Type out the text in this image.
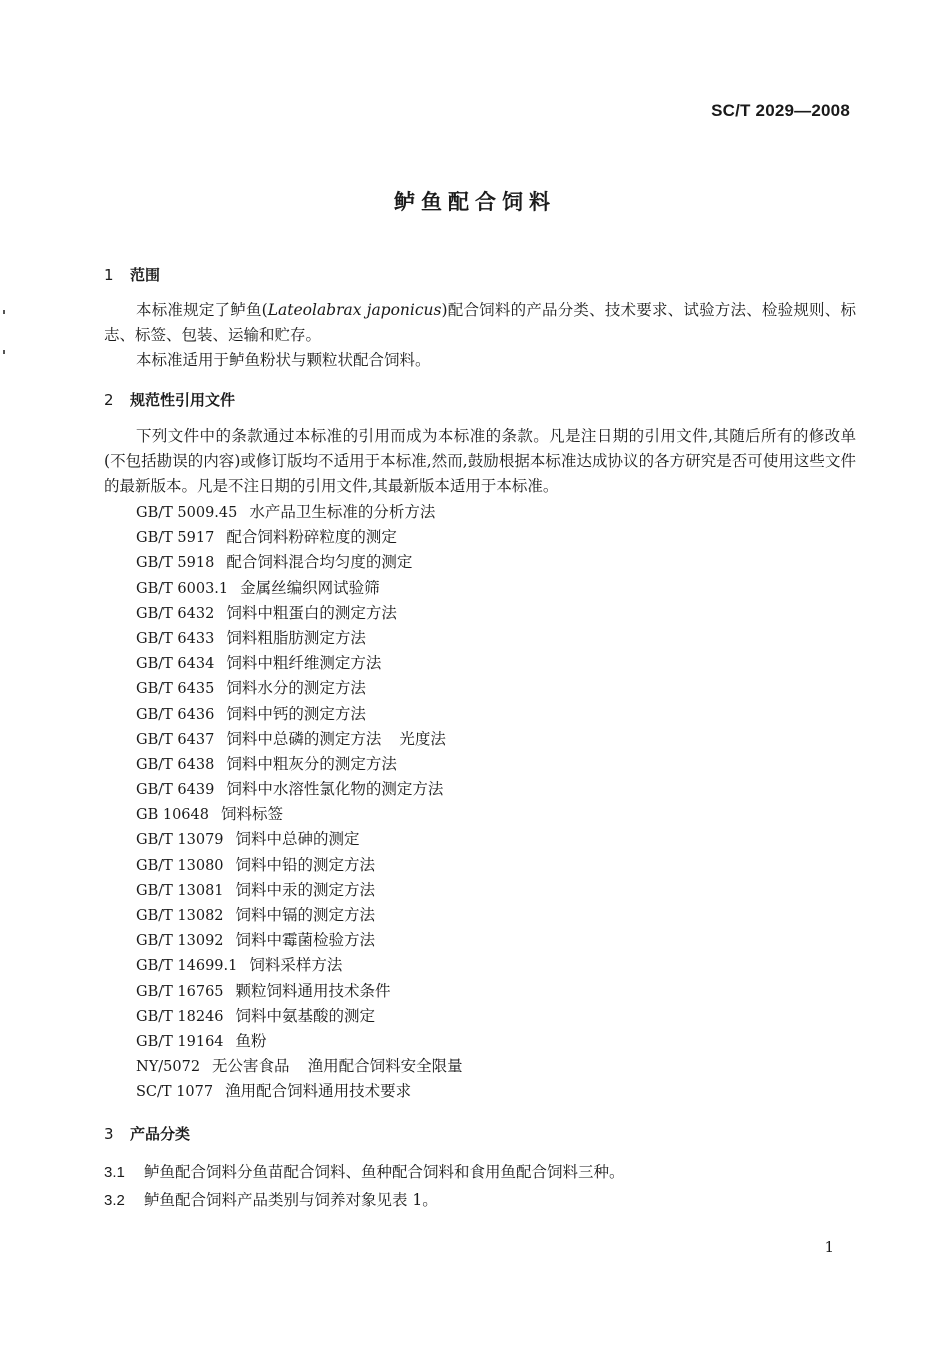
SC/T 2029—2008
鲈鱼配合饲料
1 范围
本标准规定了鲈鱼(Lateolabrax japonicus)配合饲料的产品分类、技术要求、试验方法、检验规则、标志、标签、包装、运输和贮存。
本标准适用于鲈鱼粉状与颗粒状配合饲料。
2 规范性引用文件
下列文件中的条款通过本标准的引用而成为本标准的条款。凡是注日期的引用文件,其随后所有的修改单(不包括勘误的内容)或修订版均不适用于本标准,然而,鼓励根据本标准达成协议的各方研究是否可使用这些文件的最新版本。凡是不注日期的引用文件,其最新版本适用于本标准。
GB/T 5009.45 水产品卫生标准的分析方法
GB/T 5917 配合饲料粉碎粒度的测定
GB/T 5918 配合饲料混合均匀度的测定
GB/T 6003.1 金属丝编织网试验筛
GB/T 6432 饲料中粗蛋白的测定方法
GB/T 6433 饲料粗脂肪测定方法
GB/T 6434 饲料中粗纤维测定方法
GB/T 6435 饲料水分的测定方法
GB/T 6436 饲料中钙的测定方法
GB/T 6437 饲料中总磷的测定方法 光度法
GB/T 6438 饲料中粗灰分的测定方法
GB/T 6439 饲料中水溶性氯化物的测定方法
GB 10648 饲料标签
GB/T 13079 饲料中总砷的测定
GB/T 13080 饲料中铅的测定方法
GB/T 13081 饲料中汞的测定方法
GB/T 13082 饲料中镉的测定方法
GB/T 13092 饲料中霉菌检验方法
GB/T 14699.1 饲料采样方法
GB/T 16765 颗粒饲料通用技术条件
GB/T 18246 饲料中氨基酸的测定
GB/T 19164 鱼粉
NY/5072 无公害食品 渔用配合饲料安全限量
SC/T 1077 渔用配合饲料通用技术要求
3 产品分类
3.1 鲈鱼配合饲料分鱼苗配合饲料、鱼种配合饲料和食用鱼配合饲料三种。
3.2 鲈鱼配合饲料产品类别与饲养对象见表 1。
1
